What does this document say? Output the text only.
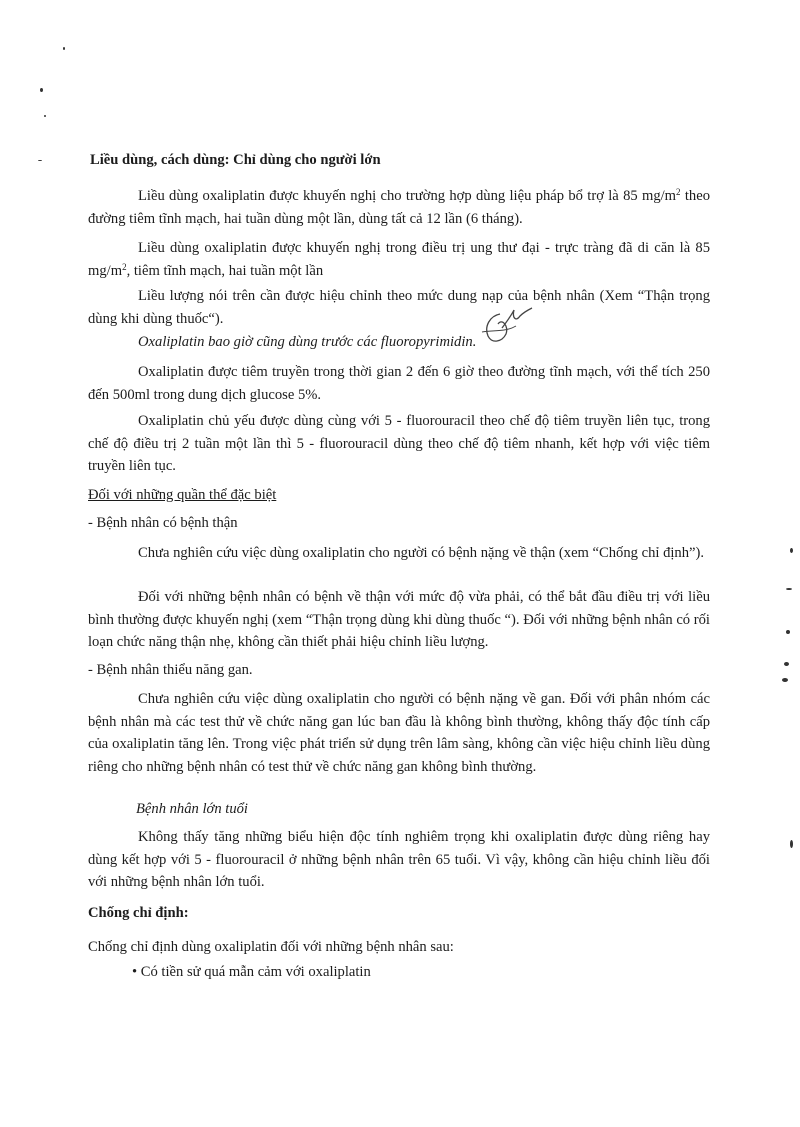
Liều dùng, cách dùng: Chỉ dùng cho người lớn
Liều dùng oxaliplatin được khuyến nghị cho trường hợp dùng liệu pháp bổ trợ là 85 $mg/m^2$ theo đường tiêm tĩnh mạch, hai tuần dùng một lần, dùng tất cả 12 lần (6 tháng).
Liều dùng oxaliplatin được khuyến nghị trong điều trị ung thư đại - trực tràng đã di căn là 85 $mg/m^2$, tiêm tĩnh mạch, hai tuần một lần
Liều lượng nói trên cần được hiệu chỉnh theo mức dung nạp của bệnh nhân (Xem “Thận trọng dùng khi dùng thuốc“).
Oxaliplatin bao giờ cũng dùng trước các fluoropyrimidin.
Oxaliplatin được tiêm truyền trong thời gian 2 đến 6 giờ theo đường tĩnh mạch, với thể tích 250 đến 500ml trong dung dịch glucose 5%.
Oxaliplatin chủ yếu được dùng cùng với 5 - fluorouracil theo chế độ tiêm truyền liên tục, trong chế độ điều trị 2 tuần một lần thì 5 - fluorouracil dùng theo chế độ tiêm nhanh, kết hợp với việc tiêm truyền liên tục.
Đối với những quần thể đặc biệt
- Bệnh nhân có bệnh thận
Chưa nghiên cứu việc dùng oxaliplatin cho người có bệnh nặng về thận (xem “Chống chỉ định”).
Đối với những bệnh nhân có bệnh về thận với mức độ vừa phải, có thể bắt đầu điều trị với liều bình thường được khuyến nghị (xem “Thận trọng dùng khi dùng thuốc “). Đối với những bệnh nhân có rối loạn chức năng thận nhẹ, không cần thiết phải hiệu chỉnh liều lượng.
- Bệnh nhân thiểu năng gan.
Chưa nghiên cứu việc dùng oxaliplatin cho người có bệnh nặng về gan. Đối với phân nhóm các bệnh nhân mà các test thử về chức năng gan lúc ban đầu là không bình thường, không thấy độc tính cấp của oxaliplatin tăng lên. Trong việc phát triển sử dụng trên lâm sàng, không cần việc hiệu chỉnh liều dùng riêng cho những bệnh nhân có test thử về chức năng gan không bình thường.
Bệnh nhân lớn tuổi
Không thấy tăng những biểu hiện độc tính nghiêm trọng khi oxaliplatin được dùng riêng hay dùng kết hợp với 5 - fluorouracil ở những bệnh nhân trên 65 tuổi. Vì vậy, không cần hiệu chỉnh liều đối với những bệnh nhân lớn tuổi.
Chống chỉ định:
Chống chỉ định dùng oxaliplatin đối với những bệnh nhân sau:
• Có tiền sử quá mẫn cảm với oxaliplatin
